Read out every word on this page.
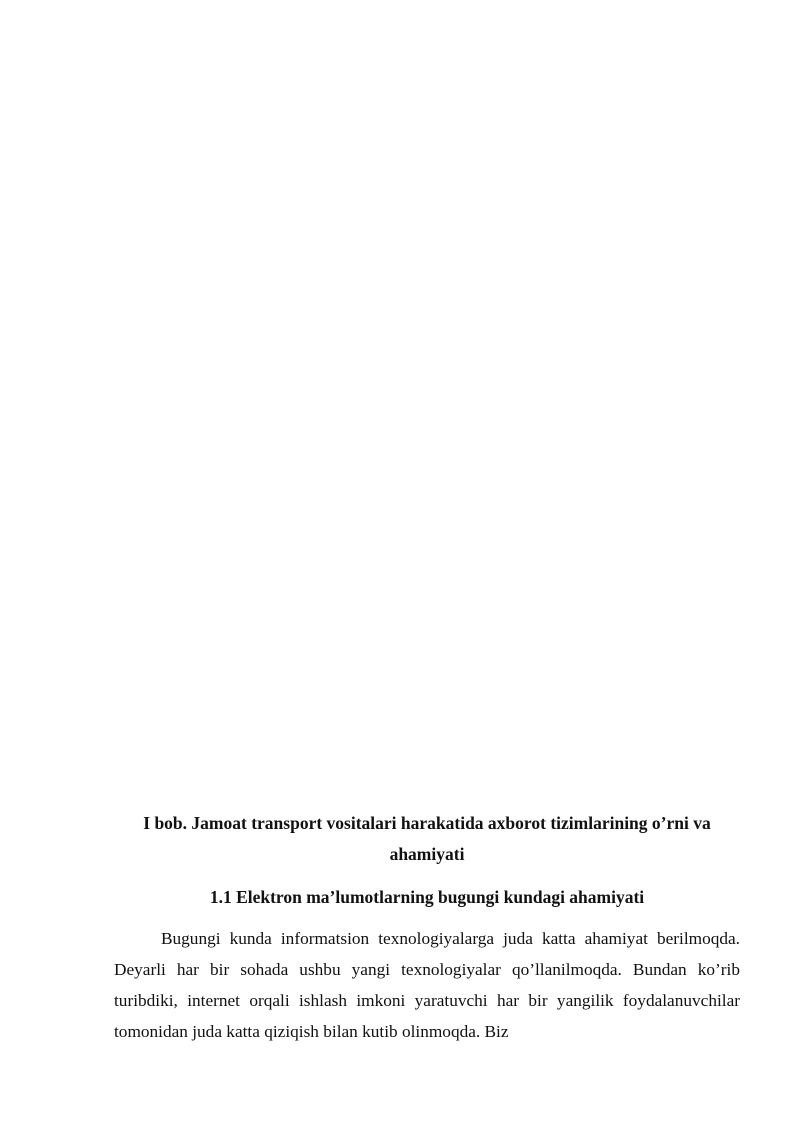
I bob. Jamoat transport vositalari harakatida axborot tizimlarining o’rni va ahamiyati
1.1 Elektron ma’lumotlarning bugungi kundagi ahamiyati

Bugungi kunda informatsion texnologiyalarga juda katta ahamiyat berilmoqda. Deyarli har bir sohada ushbu yangi texnologiyalar qo’llanilmoqda. Bundan ko’rib turibdiki, internet orqali ishlash imkoni yaratuvchi har bir yangilik foydalanuvchilar tomonidan juda katta qiziqish bilan kutib olinmoqda. Biz
